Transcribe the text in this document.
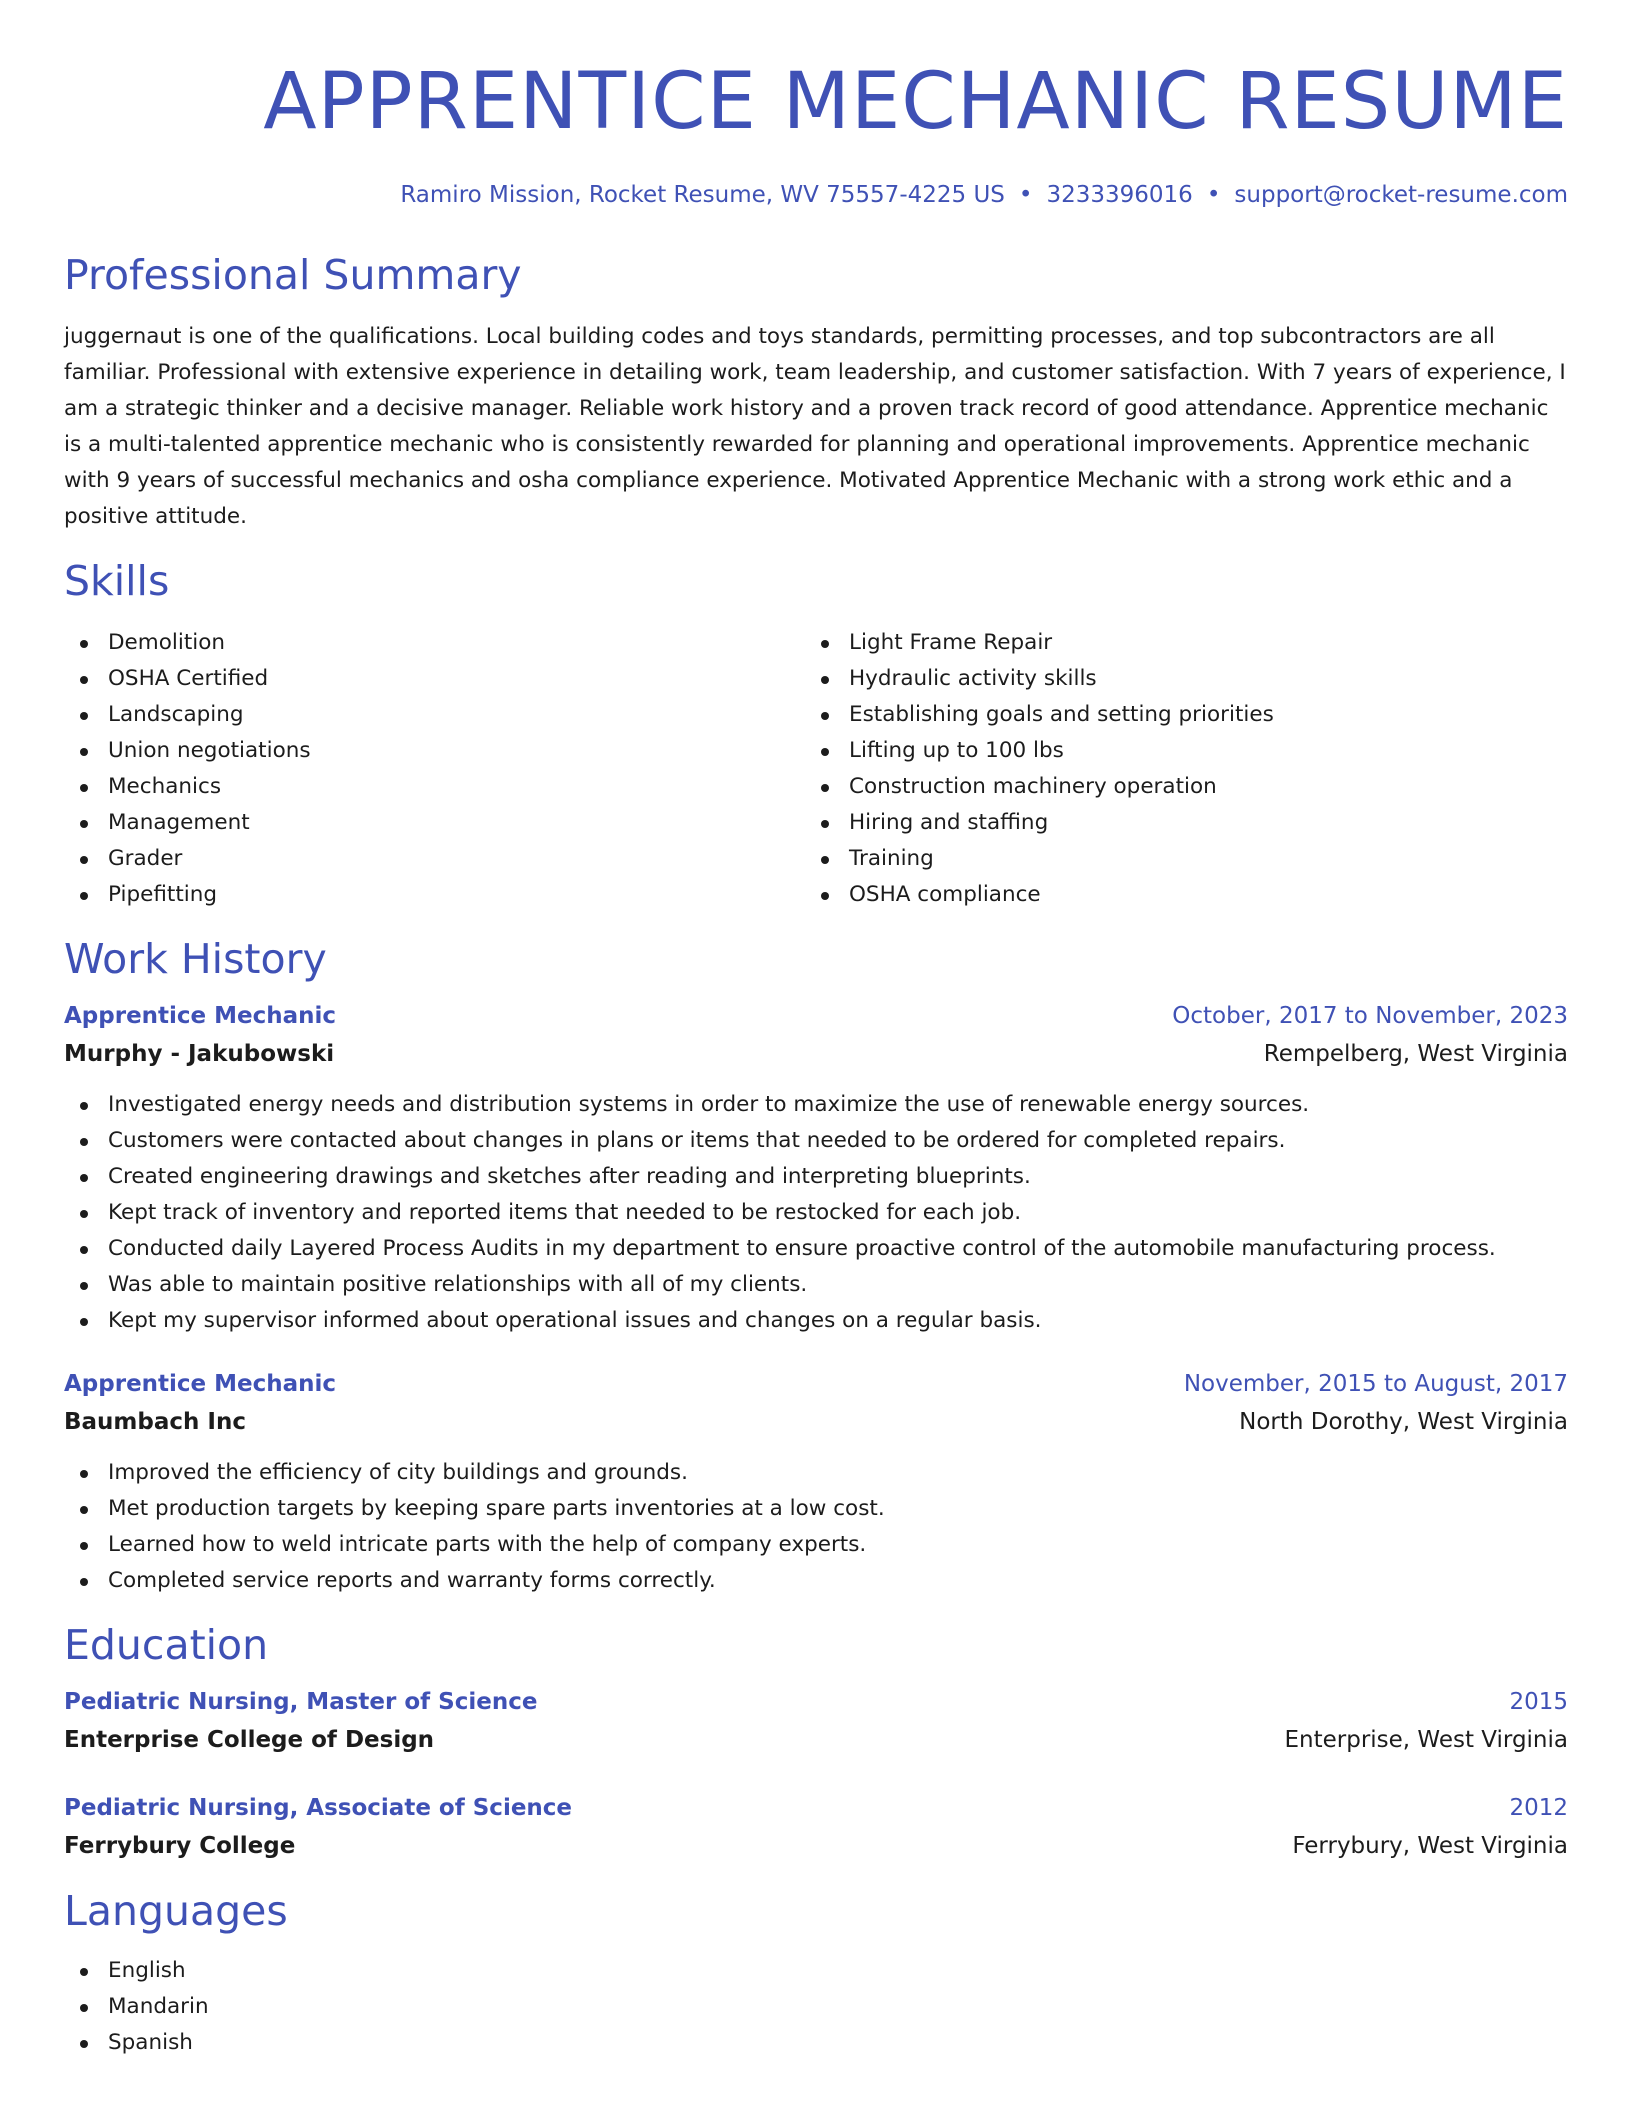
APPRENTICE MECHANIC RESUME
Ramiro Mission, Rocket Resume, WV 75557-4225 US • 3233396016 • support@rocket-resume.com
Professional Summary

juggernaut is one of the qualifications. Local building codes and toys standards, permitting processes, and top subcontractors are all familiar. Professional with extensive experience in detailing work, team leadership, and customer satisfaction. With 7 years of experience, I am a strategic thinker and a decisive manager. Reliable work history and a proven track record of good attendance. Apprentice mechanic is a multi-talented apprentice mechanic who is consistently rewarded for planning and operational improvements. Apprentice mechanic with 9 years of successful mechanics and osha compliance experience. Motivated Apprentice Mechanic with a strong work ethic and a positive attitude.

Skills
Demolition
OSHA Certified
Landscaping
Union negotiations
Mechanics
Management
Grader
Pipefitting
Light Frame Repair
Hydraulic activity skills
Establishing goals and setting priorities
Lifting up to 100 lbs
Construction machinery operation
Hiring and staffing
Training
OSHA compliance
Work History
Apprentice Mechanic	October, 2017 to November, 2023
Murphy - Jakubowski	Rempelberg, West Virginia
Investigated energy needs and distribution systems in order to maximize the use of renewable energy sources.
Customers were contacted about changes in plans or items that needed to be ordered for completed repairs.
Created engineering drawings and sketches after reading and interpreting blueprints.
Kept track of inventory and reported items that needed to be restocked for each job.
Conducted daily Layered Process Audits in my department to ensure proactive control of the automobile manufacturing process.
Was able to maintain positive relationships with all of my clients.
Kept my supervisor informed about operational issues and changes on a regular basis.
Apprentice Mechanic	November, 2015 to August, 2017
Baumbach Inc	North Dorothy, West Virginia
Improved the efficiency of city buildings and grounds.
Met production targets by keeping spare parts inventories at a low cost.
Learned how to weld intricate parts with the help of company experts.
Completed service reports and warranty forms correctly.
Education
Pediatric Nursing, Master of Science	2015
Enterprise College of Design	Enterprise, West Virginia
Pediatric Nursing, Associate of Science	2012
Ferrybury College	Ferrybury, West Virginia
Languages
English
Mandarin
Spanish
